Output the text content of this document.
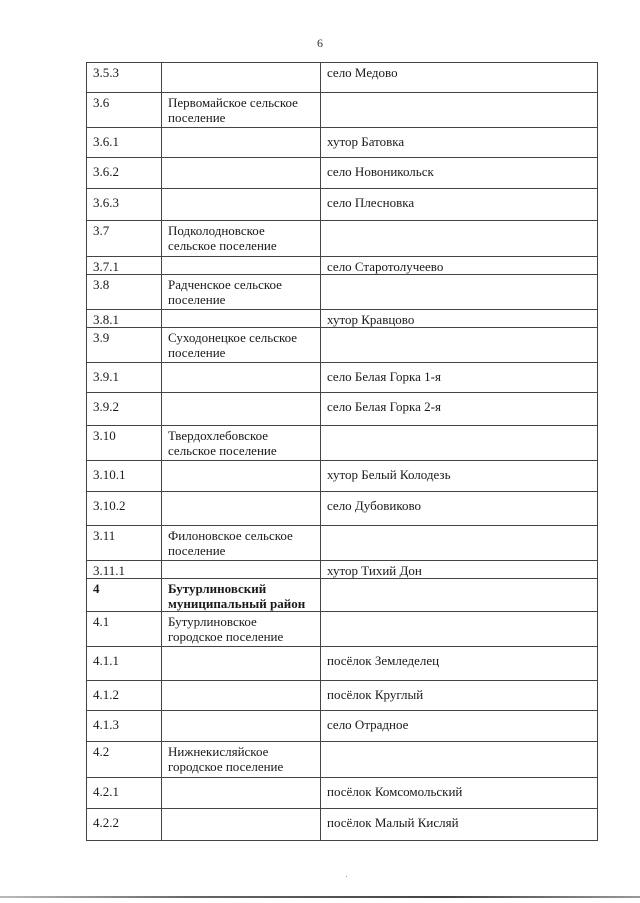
6
3.5.3		село Медово
3.6	Первомайское сельское поселение	
3.6.1		хутор Батовка
3.6.2		село Новоникольск
3.6.3		село Плесновка
3.7	Подколодновское сельское поселение	
3.7.1		село Старотолучеево
3.8	Радченское сельское поселение	
3.8.1		хутор Кравцово
3.9	Суходонецкое сельское поселение	
3.9.1		село Белая Горка 1-я
3.9.2		село Белая Горка 2-я
3.10	Твердохлебовское сельское поселение	
3.10.1		хутор Белый Колодезь
3.10.2		село Дубовиково
3.11	Филоновское сельское поселение	
3.11.1		хутор Тихий Дон
4	Бутурлиновский муниципальный район	
4.1	Бутурлиновское городское поселение	
4.1.1		посёлок Земледелец
4.1.2		посёлок Круглый
4.1.3		село Отрадное
4.2	Нижнекисляйское городское поселение	
4.2.1		посёлок Комсомольский
4.2.2		посёлок Малый Кисляй
